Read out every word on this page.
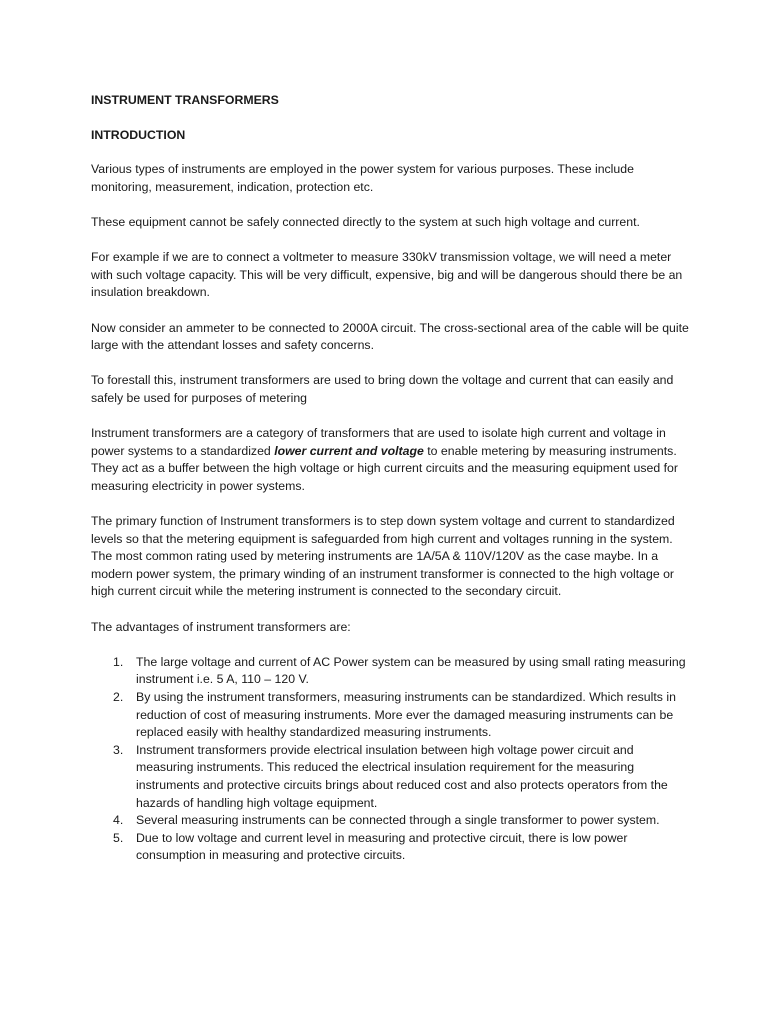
INSTRUMENT TRANSFORMERS
INTRODUCTION

Various types of instruments are employed in the power system for various purposes. These include monitoring, measurement, indication, protection etc.

These equipment cannot be safely connected directly to the system at such high voltage and current.

For example if we are to connect a voltmeter to measure 330kV transmission voltage, we will need a meter with such voltage capacity. This will be very difficult, expensive, big and will be dangerous should there be an insulation breakdown.

Now consider an ammeter to be connected to 2000A circuit. The cross-sectional area of the cable will be quite large with the attendant losses and safety concerns.

To forestall this, instrument transformers are used to bring down the voltage and current that can easily and safely be used for purposes of metering

Instrument transformers are a category of transformers that are used to isolate high current and voltage in power systems to a standardized lower current and voltage to enable metering by measuring instruments. They act as a buffer between the high voltage or high current circuits and the measuring equipment used for measuring electricity in power systems.

The primary function of Instrument transformers is to step down system voltage and current to standardized levels so that the metering equipment is safeguarded from high current and voltages running in the system. The most common rating used by metering instruments are 1A/5A & 110V/120V as the case maybe. In a modern power system, the primary winding of an instrument transformer is connected to the high voltage or high current circuit while the metering instrument is connected to the secondary circuit.

The advantages of instrument transformers are:

1. The large voltage and current of AC Power system can be measured by using small rating measuring instrument i.e. 5 A, 110 – 120 V.
2. By using the instrument transformers, measuring instruments can be standardized. Which results in reduction of cost of measuring instruments. More ever the damaged measuring instruments can be replaced easily with healthy standardized measuring instruments.
3. Instrument transformers provide electrical insulation between high voltage power circuit and measuring instruments. This reduced the electrical insulation requirement for the measuring instruments and protective circuits brings about reduced cost and also protects operators from the hazards of handling high voltage equipment.
4. Several measuring instruments can be connected through a single transformer to power system.
5. Due to low voltage and current level in measuring and protective circuit, there is low power consumption in measuring and protective circuits.
